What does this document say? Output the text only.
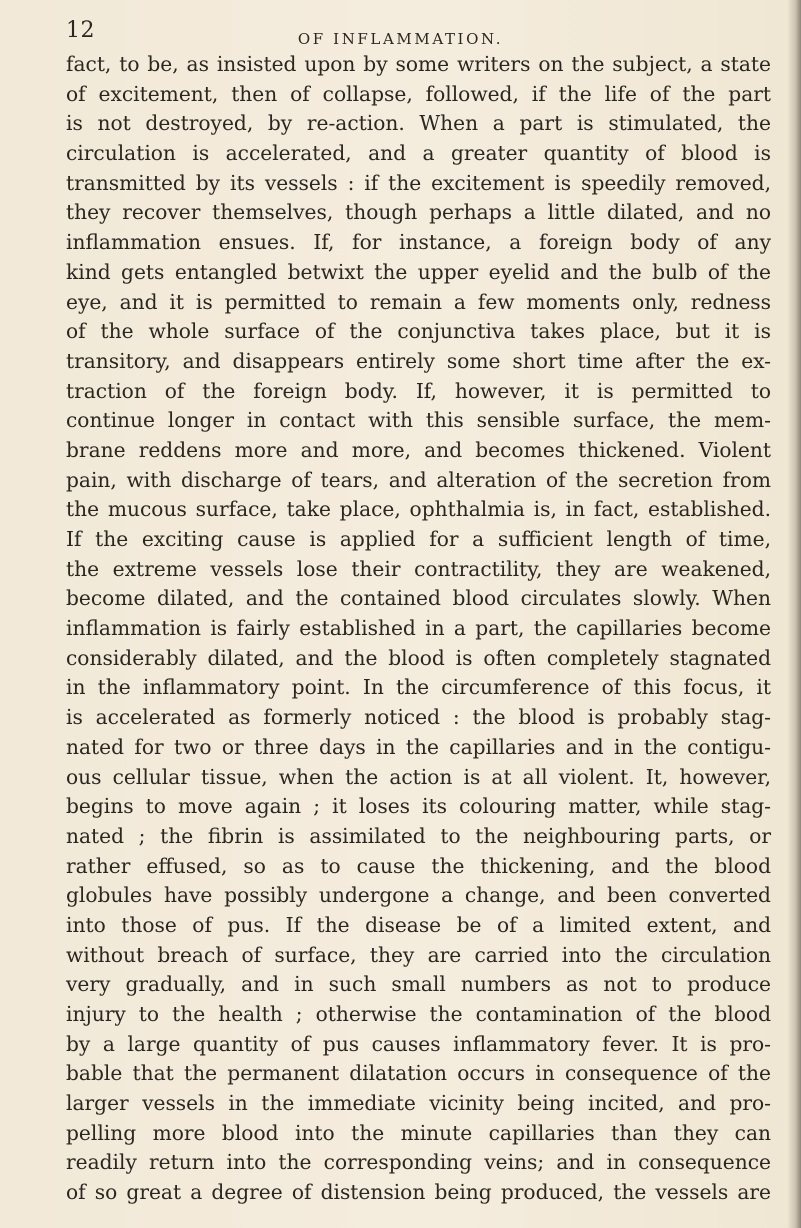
12	OF INFLAMMATION.
fact, to be, as insisted upon by some writers on the subject, a state
of excitement, then of collapse, followed, if the life of the part
is not destroyed, by re-action. When a part is stimulated, the
circulation is accelerated, and a greater quantity of blood is
transmitted by its vessels : if the excitement is speedily removed,
they recover themselves, though perhaps a little dilated, and no
inflammation ensues. If, for instance, a foreign body of any
kind gets entangled betwixt the upper eyelid and the bulb of the
eye, and it is permitted to remain a few moments only, redness
of the whole surface of the conjunctiva takes place, but it is
transitory, and disappears entirely some short time after the ex-
traction of the foreign body. If, however, it is permitted to
continue longer in contact with this sensible surface, the mem-
brane reddens more and more, and becomes thickened. Violent
pain, with discharge of tears, and alteration of the secretion from
the mucous surface, take place, ophthalmia is, in fact, established.
If the exciting cause is applied for a sufficient length of time,
the extreme vessels lose their contractility, they are weakened,
become dilated, and the contained blood circulates slowly. When
inflammation is fairly established in a part, the capillaries become
considerably dilated, and the blood is often completely stagnated
in the inflammatory point. In the circumference of this focus, it
is accelerated as formerly noticed : the blood is probably stag-
nated for two or three days in the capillaries and in the contigu-
ous cellular tissue, when the action is at all violent. It, however,
begins to move again ; it loses its colouring matter, while stag-
nated ; the fibrin is assimilated to the neighbouring parts, or
rather effused, so as to cause the thickening, and the blood
globules have possibly undergone a change, and been converted
into those of pus. If the disease be of a limited extent, and
without breach of surface, they are carried into the circulation
very gradually, and in such small numbers as not to produce
injury to the health ; otherwise the contamination of the blood
by a large quantity of pus causes inflammatory fever. It is pro-
bable that the permanent dilatation occurs in consequence of the
larger vessels in the immediate vicinity being incited, and pro-
pelling more blood into the minute capillaries than they can
readily return into the corresponding veins; and in consequence
of so great a degree of distension being produced, the vessels are
